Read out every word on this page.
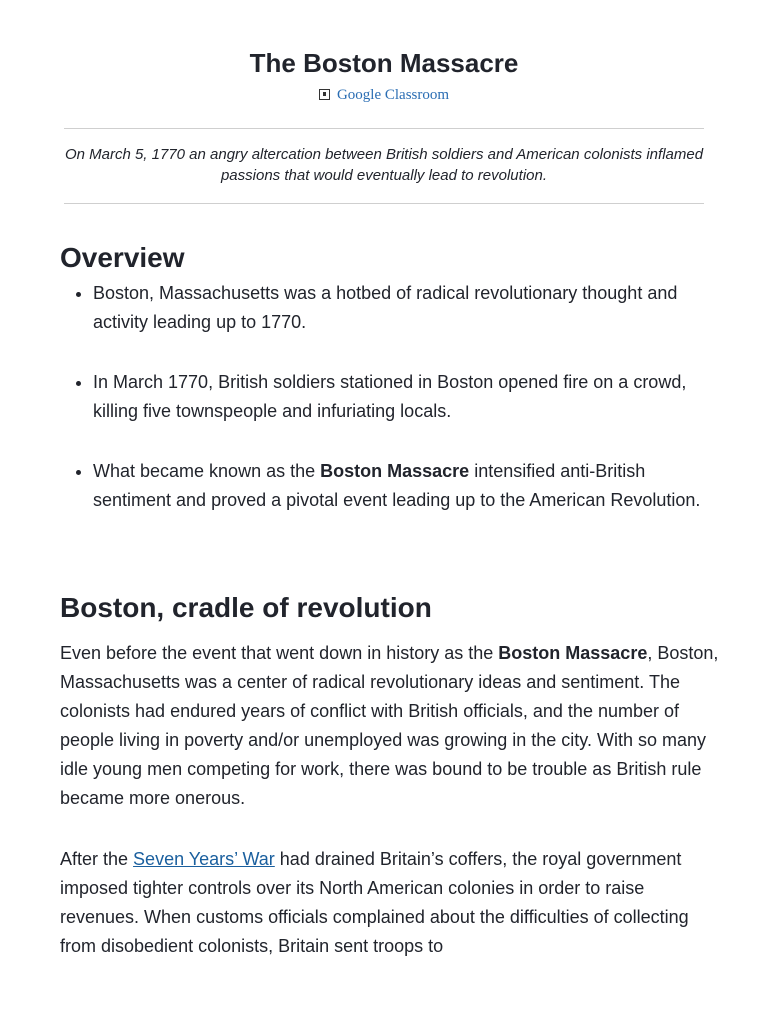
The Boston Massacre
Google Classroom
On March 5, 1770 an angry altercation between British soldiers and American colonists inflamed passions that would eventually lead to revolution.
Overview
• Boston, Massachusetts was a hotbed of radical revolutionary thought and activity leading up to 1770.
• In March 1770, British soldiers stationed in Boston opened fire on a crowd, killing five townspeople and infuriating locals.
• What became known as the Boston Massacre intensified anti-British sentiment and proved a pivotal event leading up to the American Revolution.
Boston, cradle of revolution

Even before the event that went down in history as the Boston Massacre, Boston, Massachusetts was a center of radical revolutionary ideas and sentiment. The colonists had endured years of conflict with British officials, and the number of people living in poverty and/or unemployed was growing in the city. With so many idle young men competing for work, there was bound to be trouble as British rule became more onerous.

After the Seven Years’ War had drained Britain’s coffers, the royal government imposed tighter controls over its North American colonies in order to raise revenues. When customs officials complained about the difficulties of collecting from disobedient colonists, Britain sent troops to
